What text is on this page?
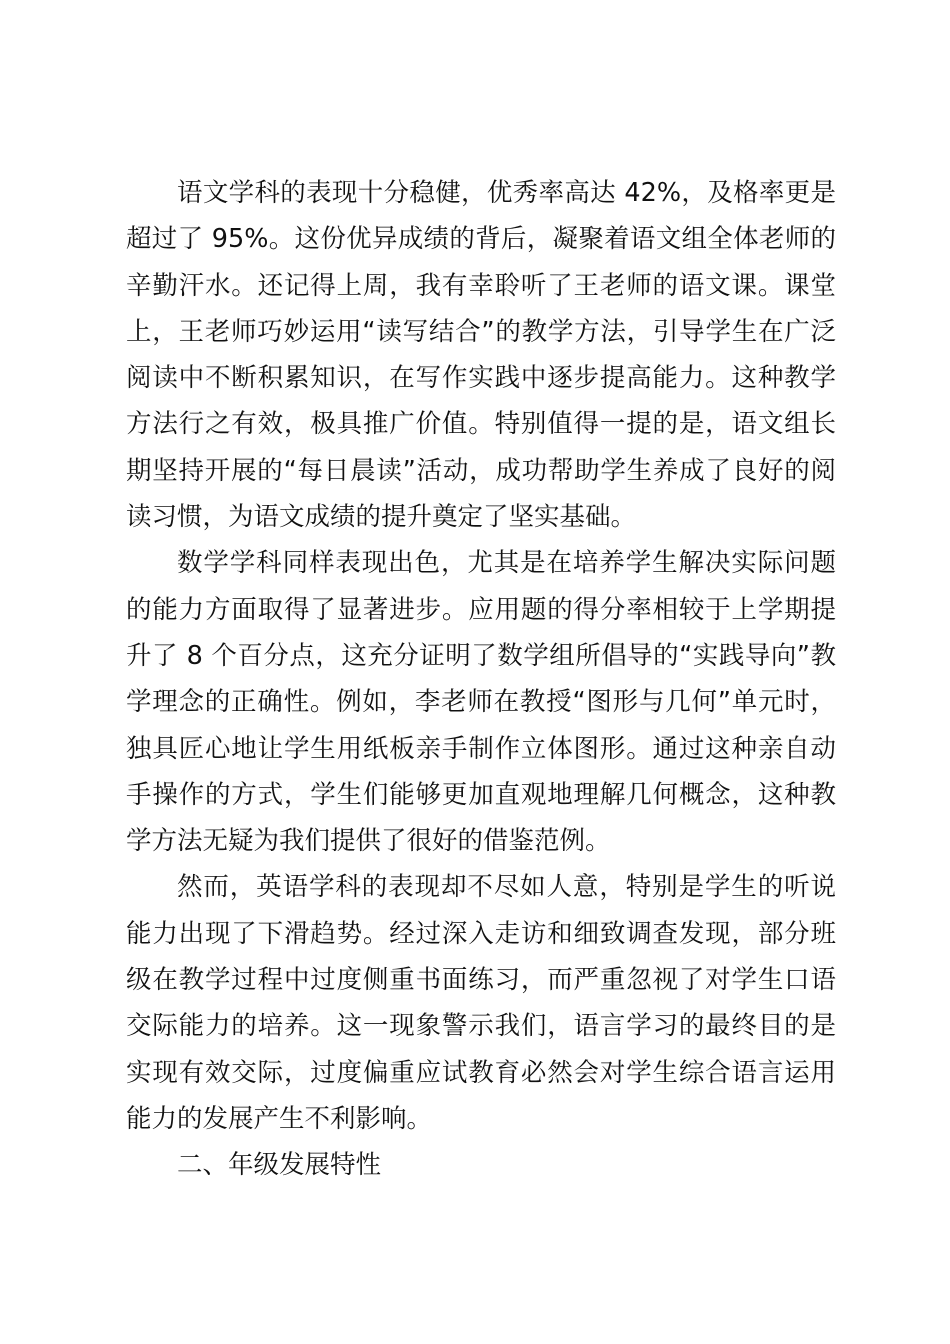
语文学科的表现十分稳健，优秀率高达 42%，及格率更是超过了 95%。这份优异成绩的背后，凝聚着语文组全体老师的辛勤汗水。还记得上周，我有幸聆听了王老师的语文课。课堂上，王老师巧妙运用“读写结合”的教学方法，引导学生在广泛阅读中不断积累知识，在写作实践中逐步提高能力。这种教学方法行之有效，极具推广价值。特别值得一提的是，语文组长期坚持开展的“每日晨读”活动，成功帮助学生养成了良好的阅读习惯，为语文成绩的提升奠定了坚实基础。

数学学科同样表现出色，尤其是在培养学生解决实际问题的能力方面取得了显著进步。应用题的得分率相较于上学期提升了 8 个百分点，这充分证明了数学组所倡导的“实践导向”教学理念的正确性。例如，李老师在教授“图形与几何”单元时，独具匠心地让学生用纸板亲手制作立体图形。通过这种亲自动手操作的方式，学生们能够更加直观地理解几何概念，这种教学方法无疑为我们提供了很好的借鉴范例。

然而，英语学科的表现却不尽如人意，特别是学生的听说能力出现了下滑趋势。经过深入走访和细致调查发现，部分班级在教学过程中过度侧重书面练习，而严重忽视了对学生口语交际能力的培养。这一现象警示我们，语言学习的最终目的是实现有效交际，过度偏重应试教育必然会对学生综合语言运用能力的发展产生不利影响。

二、年级发展特性
